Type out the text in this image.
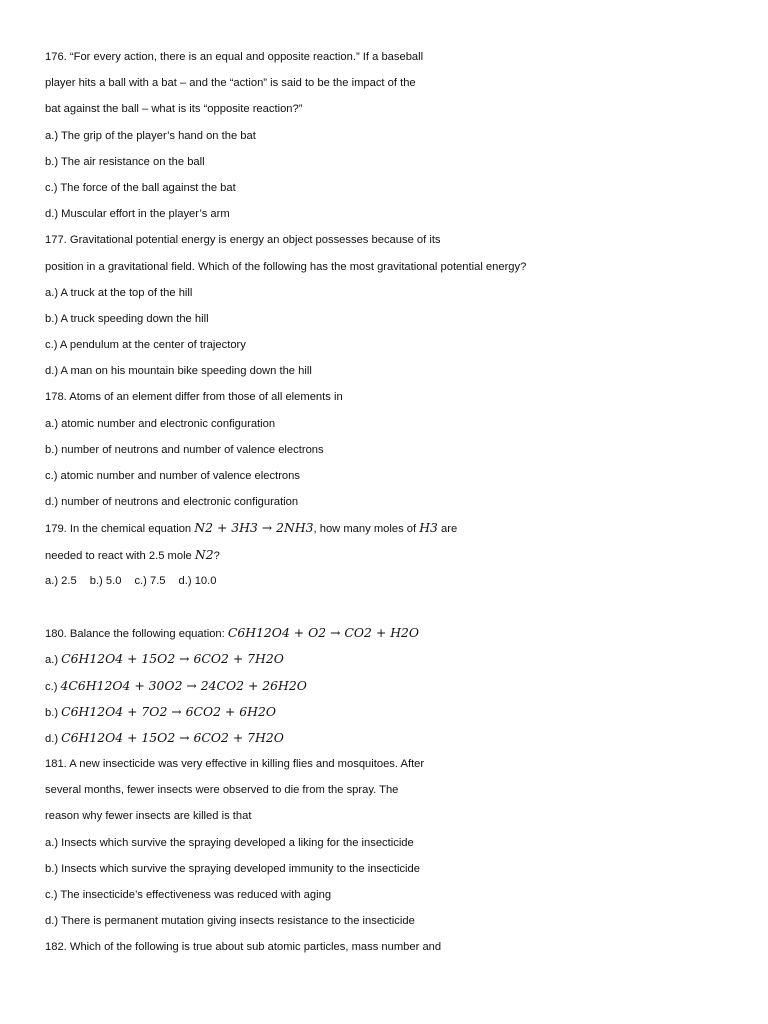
176. “For every action, there is an equal and opposite reaction.” If a baseball
player hits a ball with a bat – and the “action” is said to be the impact of the
bat against the ball – what is its “opposite reaction?”
a.) The grip of the player’s hand on the bat
b.) The air resistance on the ball
c.) The force of the ball against the bat
d.) Muscular effort in the player’s arm
177. Gravitational potential energy is energy an object possesses because of its
position in a gravitational field. Which of the following has the most gravitational potential energy?
a.) A truck at the top of the hill
b.) A truck speeding down the hill
c.) A pendulum at the center of trajectory
d.) A man on his mountain bike speeding down the hill
178. Atoms of an element differ from those of all elements in
a.) atomic number and electronic configuration
b.) number of neutrons and number of valence electrons
c.) atomic number and number of valence electrons
d.) number of neutrons and electronic configuration
179. In the chemical equation N2 + 3H3 → 2NH3, how many moles of H3 are
needed to react with 2.5 mole N2?
a.) 2.5 b.) 5.0 c.) 7.5 d.) 10.0
180. Balance the following equation: C6H12O4 + O2 → CO2 + H2O
a.) C6H12O4 + 15O2 → 6CO2 + 7H2O
c.) 4C6H12O4 + 30O2 → 24CO2 + 26H2O
b.) C6H12O4 + 7O2 → 6CO2 + 6H2O
d.) C6H12O4 + 15O2 → 6CO2 + 7H2O
181. A new insecticide was very effective in killing flies and mosquitoes. After
several months, fewer insects were observed to die from the spray. The
reason why fewer insects are killed is that
a.) Insects which survive the spraying developed a liking for the insecticide
b.) Insects which survive the spraying developed immunity to the insecticide
c.) The insecticide’s effectiveness was reduced with aging
d.) There is permanent mutation giving insects resistance to the insecticide
182. Which of the following is true about sub atomic particles, mass number and
